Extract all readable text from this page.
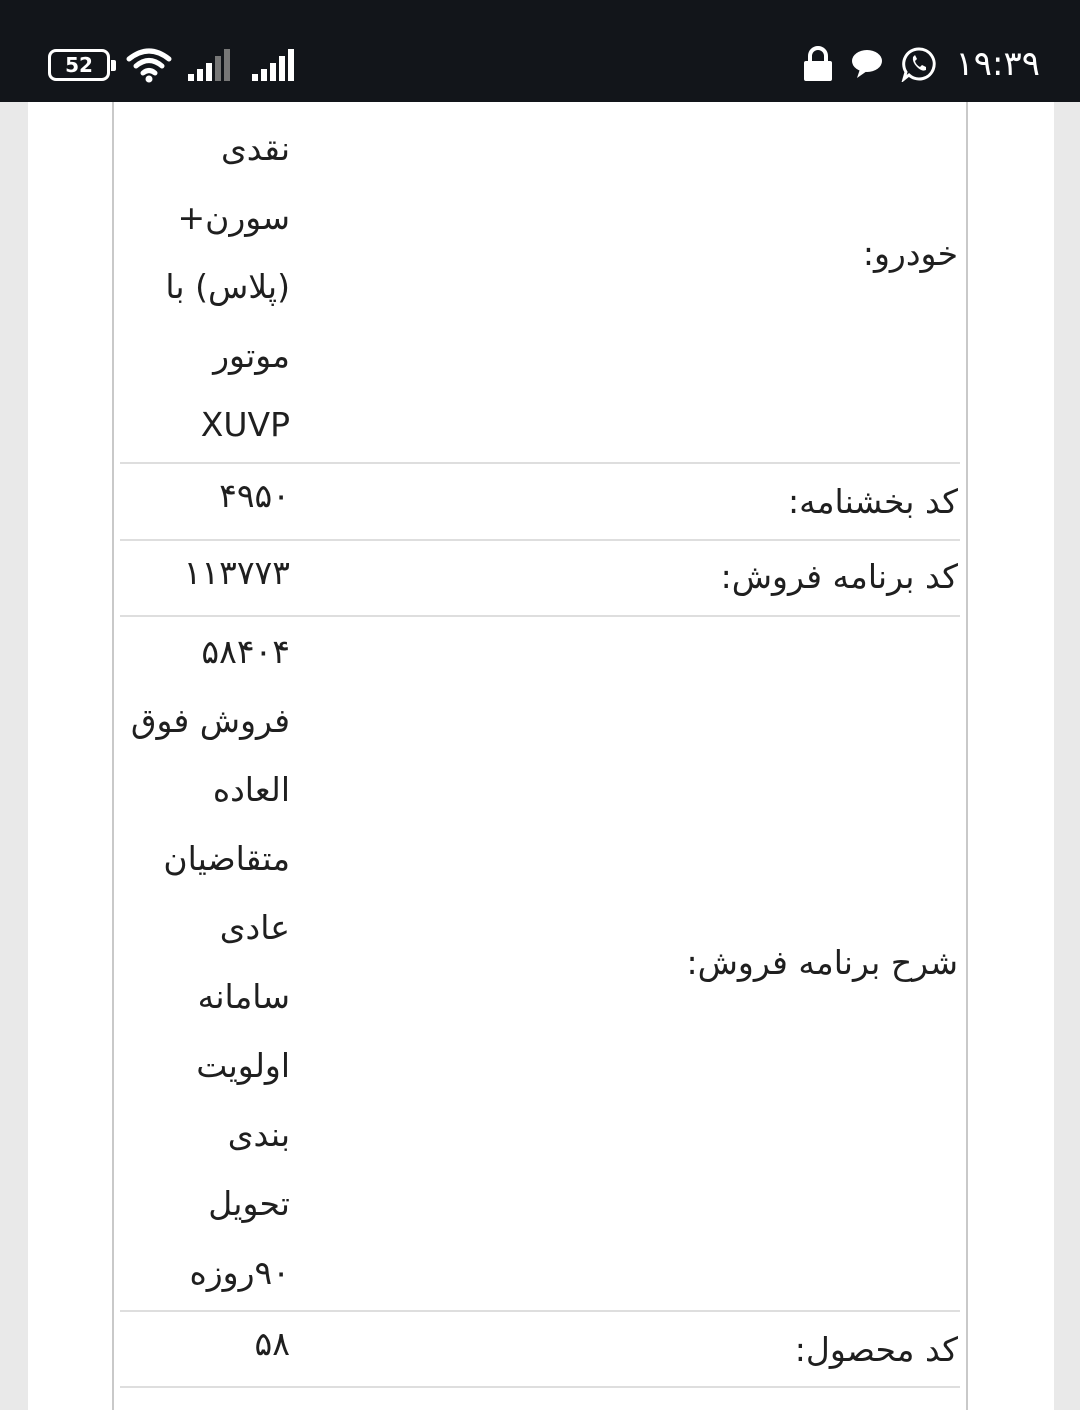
52	۱۹:۳۹
خودرو:
نقدی
سورن+
(پلاس) با
موتور
XUVP
کد بخشنامه:
۴۹۵۰
کد برنامه فروش:
۱۱۳۷۷۳
شرح برنامه فروش:
۵۸۴۰۴
فروش فوق
العاده
متقاضیان
عادی
سامانه
اولویت
بندی
تحویل
۹۰روزه
کد محصول:
۵۸
